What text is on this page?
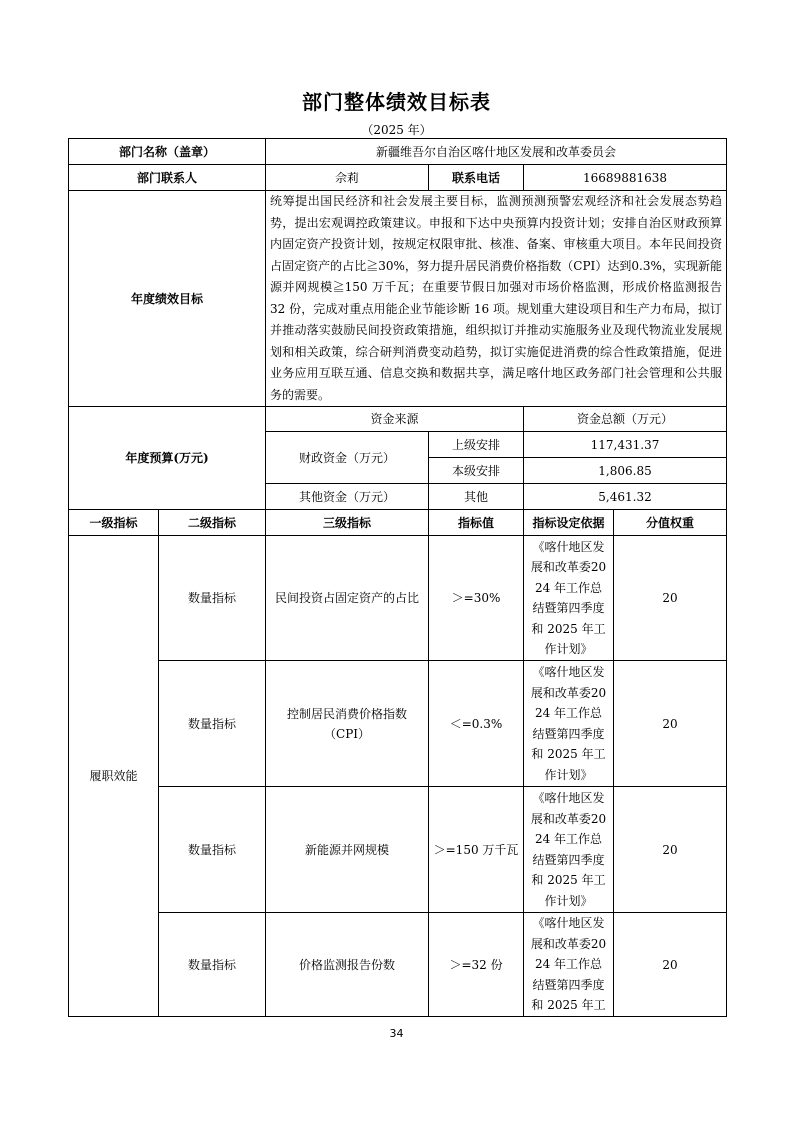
部门整体绩效目标表
（2025 年）
部门名称（盖章）		新疆维吾尔自治区喀什地区发展和改革委员会			
部门联系人		佘莉	联系电话	16689881638	
年度绩效目标		统筹提出国民经济和社会发展主要目标，监测预测预警宏观经济和社会发展态势趋势，提出宏观调控政策建议。申报和下达中央预算内投资计划；安排自治区财政预算内固定资产投资计划，按规定权限审批、核准、备案、审核重大项目。本年民间投资占固定资产的占比≧30%，努力提升居民消费价格指数（CPI）达到0.3%，实现新能源并网规模≧150 万千瓦；在重要节假日加强对市场价格监测，形成价格监测报告 32 份，完成对重点用能企业节能诊断 16 项。规划重大建设项目和生产力布局，拟订并推动落实鼓励民间投资政策措施，组织拟订并推动实施服务业及现代物流业发展规划和相关政策，综合研判消费变动趋势，拟订实施促进消费的综合性政策措施，促进业务应用互联互通、信息交换和数据共享，满足喀什地区政务部门社会管理和公共服务的需要。			
年度预算(万元)		资金来源		资金总额（万元）	
		财政资金（万元）	上级安排	117,431.37	
			本级安排	1,806.85	
		其他资金（万元）	其他	5,461.32	
一级指标	二级指标	三级指标	指标值	指标设定依据	分值权重
履职效能	数量指标	民间投资占固定资产的占比	＞=30%	《喀什地区发展和改革委2024 年工作总结暨第四季度和 2025 年工作计划》	20
	数量指标	控制居民消费价格指数（CPI）	＜=0.3%	《喀什地区发展和改革委2024 年工作总结暨第四季度和 2025 年工作计划》	20
	数量指标	新能源并网规模	＞=150 万千瓦	《喀什地区发展和改革委2024 年工作总结暨第四季度和 2025 年工作计划》	20
	数量指标	价格监测报告份数	＞=32 份	《喀什地区发展和改革委2024 年工作总结暨第四季度和 2025 年工	20
34
